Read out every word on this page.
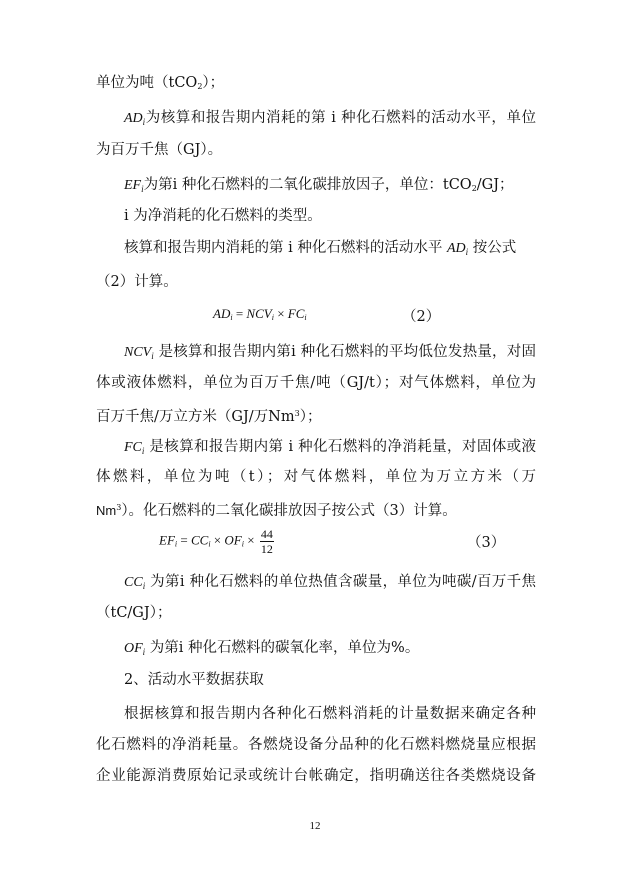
单位为吨（tCO$_2$）；
$AD_i$为核算和报告期内消耗的第 i 种化石燃料的活动水平，单位
为百万千焦（GJ）。
$EF_i$为第i 种化石燃料的二氧化碳排放因子，单位：tCO$_2$/GJ；
i 为净消耗的化石燃料的类型。
核算和报告期内消耗的第 i 种化石燃料的活动水平 $AD_i$ 按公式
（2）计算。
$AD_i = NCV_i \times FC_i$	（2）
$NCV_i$ 是核算和报告期内第i 种化石燃料的平均低位发热量，对固
体或液体燃料，单位为百万千焦/吨（GJ/t）；对气体燃料，单位为
百万千焦/万立方米（GJ/万Nm$^3$）；
$FC_i$ 是核算和报告期内第 i 种化石燃料的净消耗量，对固体或液
体燃料，单位为吨（t）；对气体燃料，单位为万立方米（万
Nm$^3$）。化石燃料的二氧化碳排放因子按公式（3）计算。
$EF_i = CC_i \times OF_i \times \frac{44}{12}$	（3）
$CC_i$ 为第i 种化石燃料的单位热值含碳量，单位为吨碳/百万千焦
（tC/GJ）；
$OF_i$ 为第i 种化石燃料的碳氧化率，单位为%。
2、活动水平数据获取
根据核算和报告期内各种化石燃料消耗的计量数据来确定各种
化石燃料的净消耗量。各燃烧设备分品种的化石燃料燃烧量应根据
企业能源消费原始记录或统计台帐确定，指明确送往各类燃烧设备
12
